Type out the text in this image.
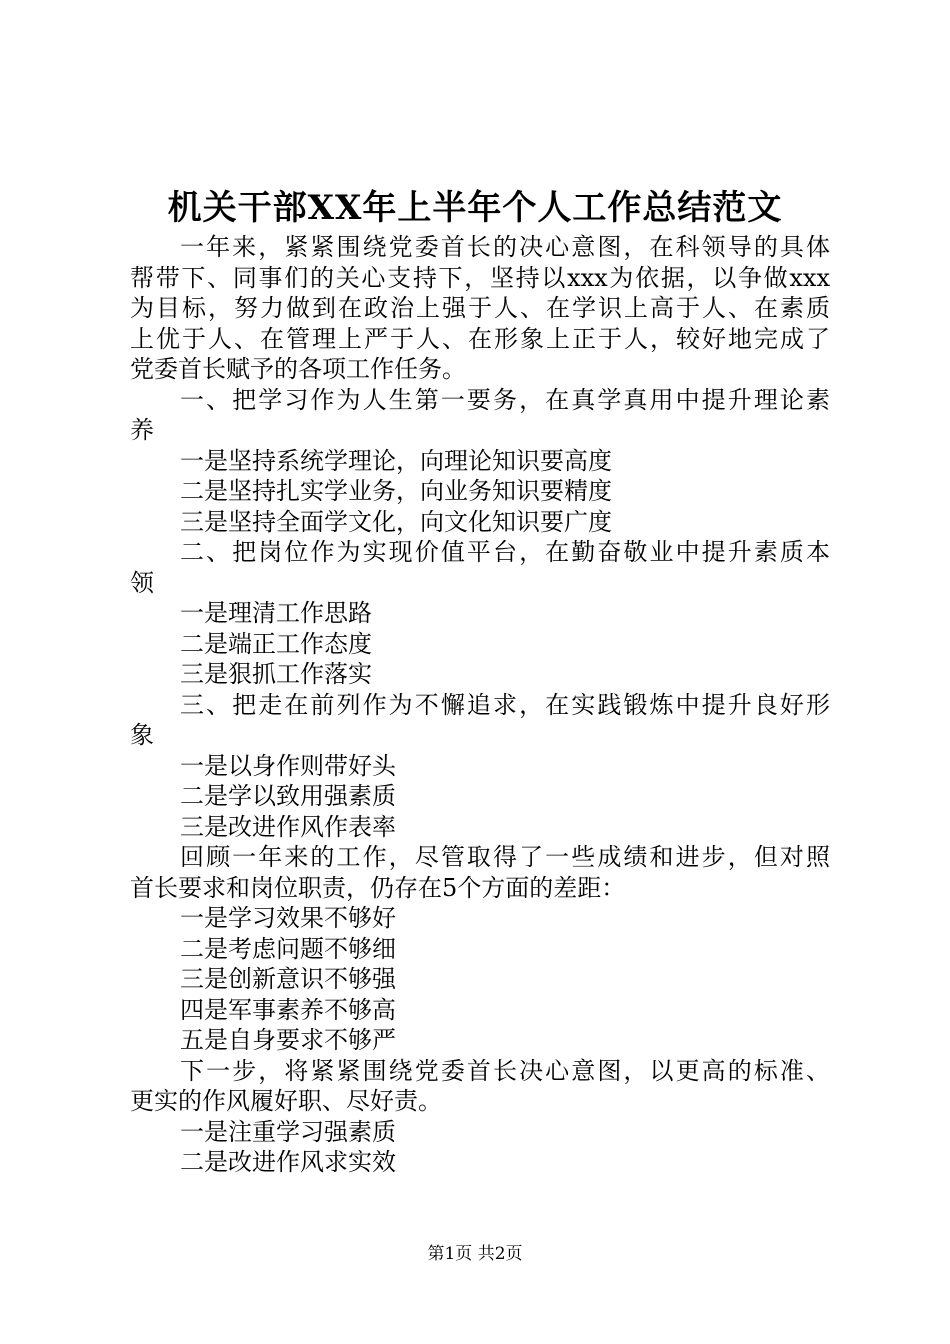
机关干部XX年上半年个人工作总结范文
一年来，紧紧围绕党委首长的决心意图，在科领导的具体
帮带下、同事们的关心支持下，坚持以xxx为依据，以争做xxx
为目标，努力做到在政治上强于人、在学识上高于人、在素质
上优于人、在管理上严于人、在形象上正于人，较好地完成了
党委首长赋予的各项工作任务。
一、把学习作为人生第一要务，在真学真用中提升理论素
养
一是坚持系统学理论，向理论知识要高度
二是坚持扎实学业务，向业务知识要精度
三是坚持全面学文化，向文化知识要广度
二、把岗位作为实现价值平台，在勤奋敬业中提升素质本
领
一是理清工作思路
二是端正工作态度
三是狠抓工作落实
三、把走在前列作为不懈追求，在实践锻炼中提升良好形
象
一是以身作则带好头
二是学以致用强素质
三是改进作风作表率
回顾一年来的工作，尽管取得了一些成绩和进步，但对照
首长要求和岗位职责，仍存在5个方面的差距：
一是学习效果不够好
二是考虑问题不够细
三是创新意识不够强
四是军事素养不够高
五是自身要求不够严
下一步，将紧紧围绕党委首长决心意图，以更高的标准、
更实的作风履好职、尽好责。
一是注重学习强素质
二是改进作风求实效
第1页 共2页
